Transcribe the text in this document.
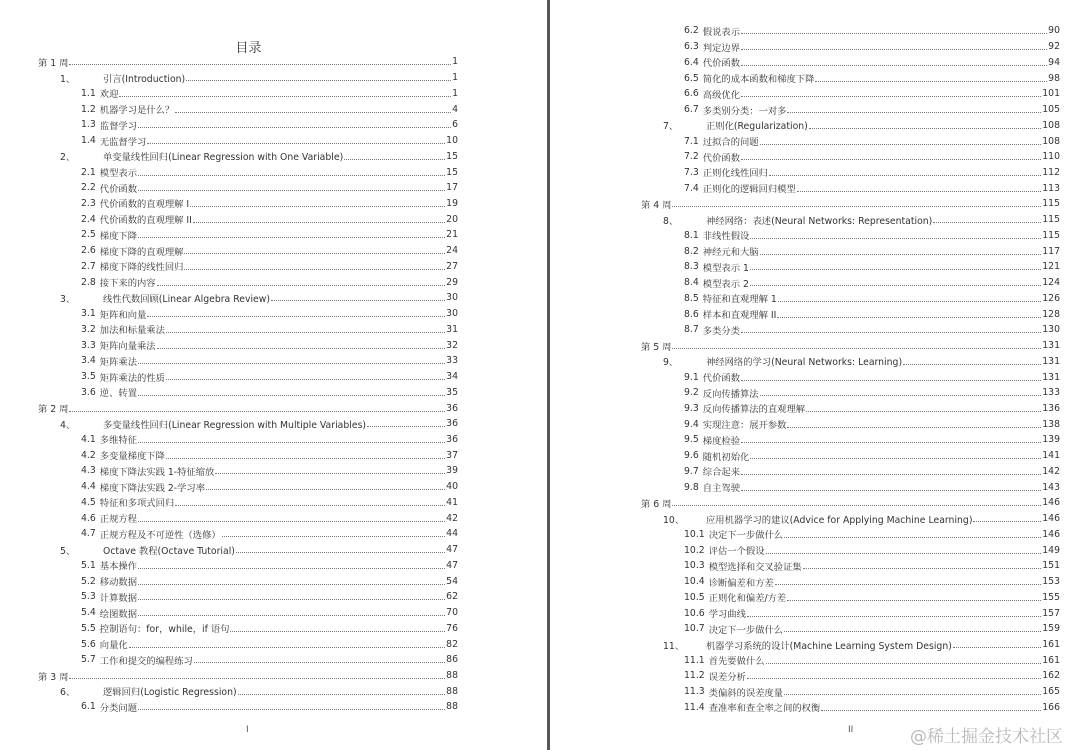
目录
第 1 周	1
1、	引言(Introduction)	1
1.1 欢迎	1
1.2 机器学习是什么？	4
1.3 监督学习	6
1.4 无监督学习	10
2、	单变量线性回归(Linear Regression with One Variable)	15
2.1 模型表示	15
2.2 代价函数	17
2.3 代价函数的直观理解 I	19
2.4 代价函数的直观理解 II	20
2.5 梯度下降	21
2.6 梯度下降的直观理解	24
2.7 梯度下降的线性回归	27
2.8 接下来的内容	29
3、	线性代数回顾(Linear Algebra Review)	30
3.1 矩阵和向量	30
3.2 加法和标量乘法	31
3.3 矩阵向量乘法	32
3.4 矩阵乘法	33
3.5 矩阵乘法的性质	34
3.6 逆、转置	35
第 2 周	36
4、	多变量线性回归(Linear Regression with Multiple Variables)	36
4.1 多维特征	36
4.2 多变量梯度下降	37
4.3 梯度下降法实践 1-特征缩放	39
4.4 梯度下降法实践 2-学习率	40
4.5 特征和多项式回归	41
4.6 正规方程	42
4.7 正规方程及不可逆性（选修）	44
5、	Octave 教程(Octave Tutorial)	47
5.1 基本操作	47
5.2 移动数据	54
5.3 计算数据	62
5.4 绘图数据	70
5.5 控制语句：for，while，if 语句	76
5.6 向量化	82
5.7 工作和提交的编程练习	86
第 3 周	88
6、	逻辑回归(Logistic Regression)	88
6.1 分类问题	88
I
6.2 假说表示	90
6.3 判定边界	92
6.4 代价函数	94
6.5 简化的成本函数和梯度下降	98
6.6 高级优化	101
6.7 多类别分类：一对多	105
7、	正则化(Regularization)	108
7.1 过拟合的问题	108
7.2 代价函数	110
7.3 正则化线性回归	112
7.4 正则化的逻辑回归模型	113
第 4 周	115
8、	神经网络：表述(Neural Networks: Representation)	115
8.1 非线性假设	115
8.2 神经元和大脑	117
8.3 模型表示 1	121
8.4 模型表示 2	124
8.5 特征和直观理解 1	126
8.6 样本和直观理解 II	128
8.7 多类分类	130
第 5 周	131
9、	神经网络的学习(Neural Networks: Learning)	131
9.1 代价函数	131
9.2 反向传播算法	133
9.3 反向传播算法的直观理解	136
9.4 实现注意：展开参数	138
9.5 梯度检验	139
9.6 随机初始化	141
9.7 综合起来	142
9.8 自主驾驶	143
第 6 周	146
10、	应用机器学习的建议(Advice for Applying Machine Learning)	146
10.1 决定下一步做什么	146
10.2 评估一个假设	149
10.3 模型选择和交叉验证集	151
10.4 诊断偏差和方差	153
10.5 正则化和偏差/方差	155
10.6 学习曲线	157
10.7 决定下一步做什么	159
11、	机器学习系统的设计(Machine Learning System Design)	161
11.1 首先要做什么	161
11.2 误差分析	162
11.3 类偏斜的误差度量	165
11.4 查准率和查全率之间的权衡	166
II	@稀土掘金技术社区
